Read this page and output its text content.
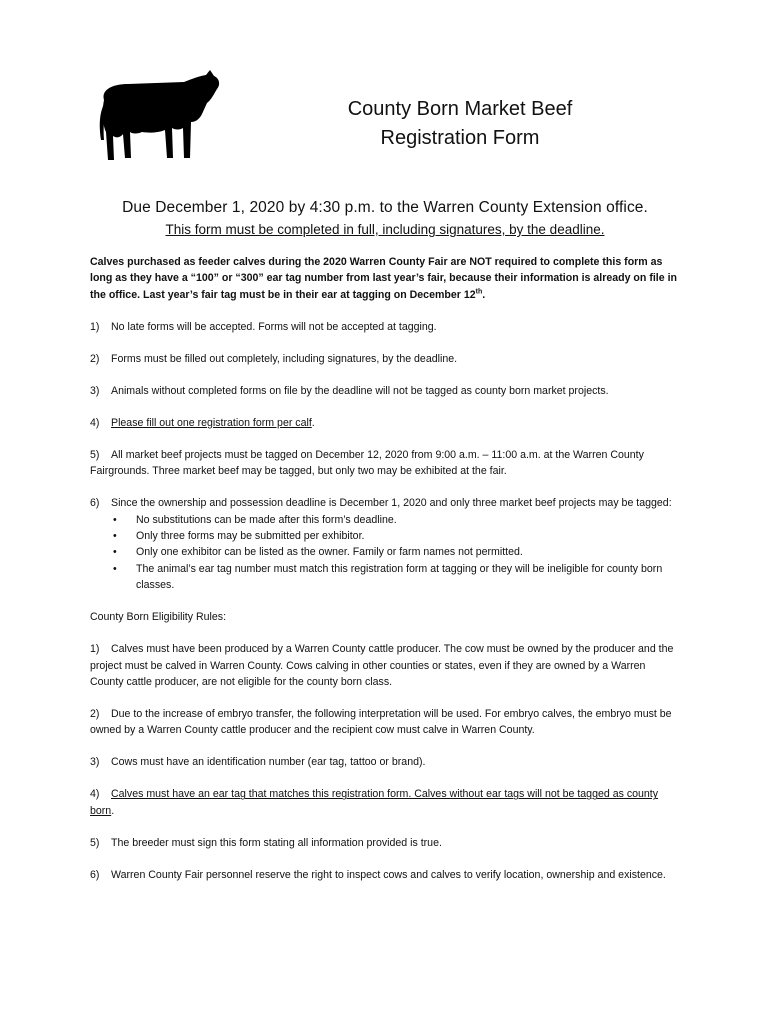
County Born Market Beef
Registration Form
Due December 1, 2020 by 4:30 p.m. to the Warren County Extension office.
This form must be completed in full, including signatures, by the deadline.

Calves purchased as feeder calves during the 2020 Warren County Fair are NOT required to complete this form as long as they have a “100” or “300” ear tag number from last year’s fair, because their information is already on file in the office. Last year’s fair tag must be in their ear at tagging on December 12th.

1) No late forms will be accepted. Forms will not be accepted at tagging.

2) Forms must be filled out completely, including signatures, by the deadline.

3) Animals without completed forms on file by the deadline will not be tagged as county born market projects.

4) Please fill out one registration form per calf.

5) All market beef projects must be tagged on December 12, 2020 from 9:00 a.m. – 11:00 a.m. at the Warren County Fairgrounds. Three market beef may be tagged, but only two may be exhibited at the fair.

6) Since the ownership and possession deadline is December 1, 2020 and only three market beef projects may be tagged:

• No substitutions can be made after this form’s deadline.
• Only three forms may be submitted per exhibitor.
• Only one exhibitor can be listed as the owner. Family or farm names not permitted.
• The animal’s ear tag number must match this registration form at tagging or they will be ineligible for county born classes.

County Born Eligibility Rules:

1) Calves must have been produced by a Warren County cattle producer. The cow must be owned by the producer and the project must be calved in Warren County. Cows calving in other counties or states, even if they are owned by a Warren County cattle producer, are not eligible for the county born class.

2) Due to the increase of embryo transfer, the following interpretation will be used. For embryo calves, the embryo must be owned by a Warren County cattle producer and the recipient cow must calve in Warren County.

3) Cows must have an identification number (ear tag, tattoo or brand).

4) Calves must have an ear tag that matches this registration form. Calves without ear tags will not be tagged as county born.

5) The breeder must sign this form stating all information provided is true.

6) Warren County Fair personnel reserve the right to inspect cows and calves to verify location, ownership and existence.
